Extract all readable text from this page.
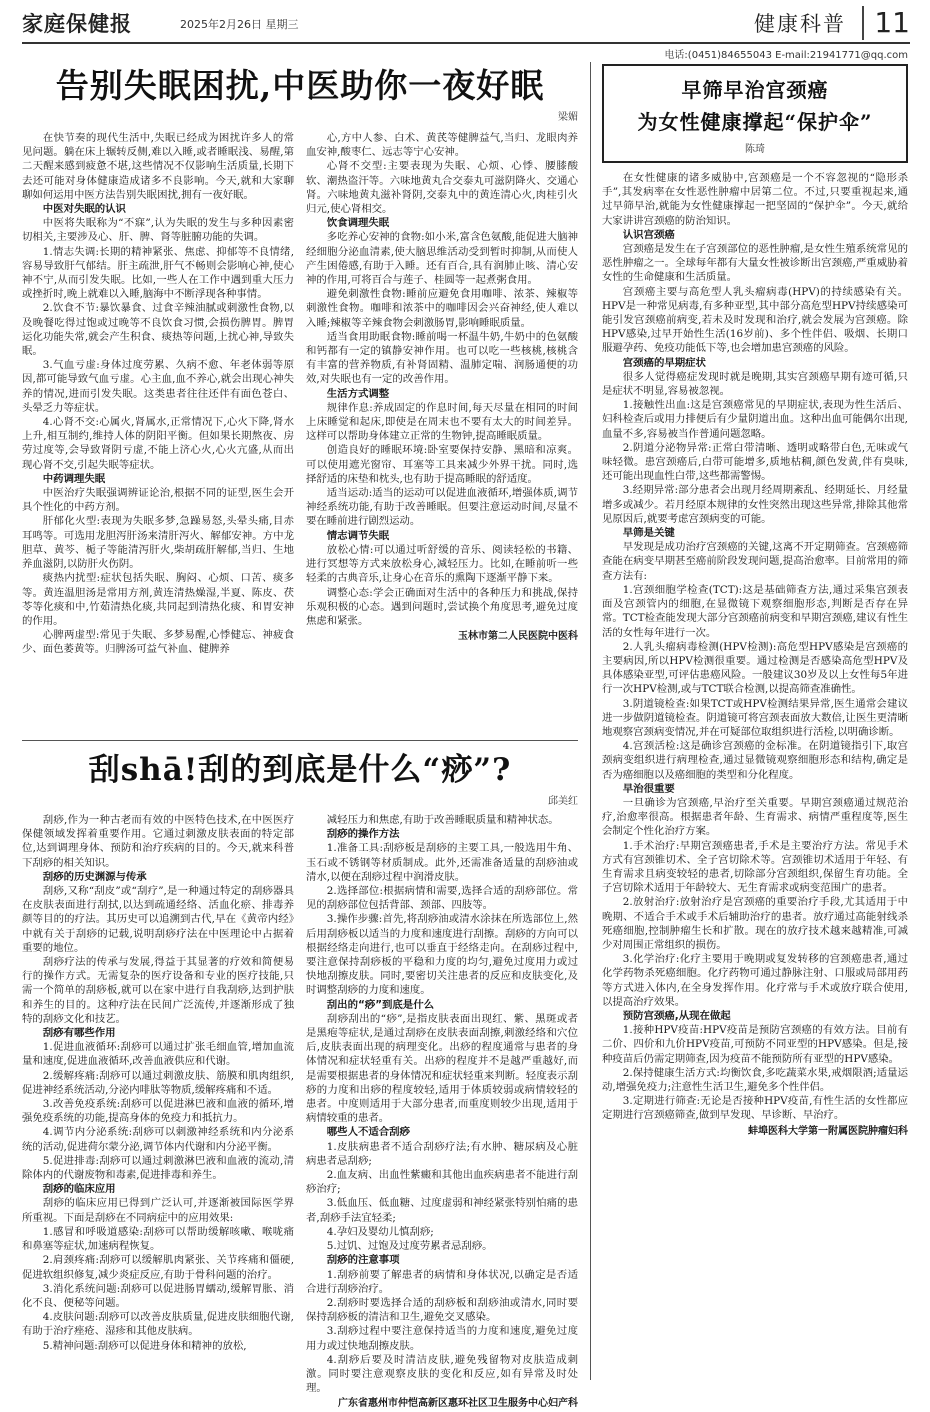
家庭保健报	2025年2月26日 星期三	健康科普	11
电话:(0451)84655043 E-mail:21941771@qq.com
告别失眠困扰,中医助你一夜好眠
梁媚

在快节奏的现代生活中,失眠已经成为困扰许多人的常见问题。躺在床上辗转反侧,难以入睡,或者睡眠浅、易醒,第二天醒来感到疲惫不堪,这些情况不仅影响生活质量,长期下去还可能对身体健康造成诸多不良影响。今天,就和大家聊聊如何运用中医方法告别失眠困扰,拥有一夜好眠。

中医对失眠的认识

中医将失眠称为“不寐”,认为失眠的发生与多种因素密切相关,主要涉及心、肝、脾、肾等脏腑功能的失调。

1.情志失调:长期的精神紧张、焦虑、抑郁等不良情绪,容易导致肝气郁结。肝主疏泄,肝气不畅则会影响心神,使心神不宁,从而引发失眠。比如,一些人在工作中遇到重大压力或挫折时,晚上就难以入睡,脑海中不断浮现各种事情。

2.饮食不节:暴饮暴食、过食辛辣油腻或刺激性食物,以及晚餐吃得过饱或过晚等不良饮食习惯,会损伤脾胃。脾胃运化功能失常,就会产生积食、痰热等问题,上扰心神,导致失眠。

3.气血亏虚:身体过度劳累、久病不愈、年老体弱等原因,都可能导致气血亏虚。心主血,血不养心,就会出现心神失养的情况,进而引发失眠。这类患者往往还伴有面色苍白、头晕乏力等症状。

4.心肾不交:心属火,肾属水,正常情况下,心火下降,肾水上升,相互制约,维持人体的阴阳平衡。但如果长期熬夜、房劳过度等,会导致肾阴亏虚,不能上济心火,心火亢盛,从而出现心肾不交,引起失眠等症状。

中药调理失眠

中医治疗失眠强调辨证论治,根据不同的证型,医生会开具个性化的中药方剂。

肝郁化火型:表现为失眠多梦,急躁易怒,头晕头痛,目赤耳鸣等。可选用龙胆泻肝汤来清肝泻火、解郁安神。方中龙胆草、黄芩、栀子等能清泻肝火,柴胡疏肝解郁,当归、生地养血滋阴,以防肝火伤阴。

痰热内扰型:症状包括失眠、胸闷、心烦、口苦、痰多等。黄连温胆汤是常用方剂,黄连清热燥湿,半夏、陈皮、茯苓等化痰和中,竹茹清热化痰,共同起到清热化痰、和胃安神的作用。

心脾两虚型:常见于失眠、多梦易醒,心悸健忘、神疲食少、面色萎黄等。归脾汤可益气补血、健脾养

心,方中人参、白术、黄芪等健脾益气,当归、龙眼肉养血安神,酸枣仁、远志等宁心安神。

心肾不交型:主要表现为失眠、心烦、心悸、腰膝酸软、潮热盗汗等。六味地黄丸合交泰丸可滋阴降火、交通心肾。六味地黄丸滋补肾阴,交泰丸中的黄连清心火,肉桂引火归元,使心肾相交。

饮食调理失眠

多吃养心安神的食物:如小米,富含色氨酸,能促进大脑神经细胞分泌血清素,使大脑思维活动受到暂时抑制,从而使人产生困倦感,有助于入睡。还有百合,具有润肺止咳、清心安神的作用,可将百合与莲子、桂圆等一起煮粥食用。

避免刺激性食物:睡前应避免食用咖啡、浓茶、辣椒等刺激性食物。咖啡和浓茶中的咖啡因会兴奋神经,使人难以入睡;辣椒等辛辣食物会刺激肠胃,影响睡眠质量。

适当食用助眠食物:睡前喝一杯温牛奶,牛奶中的色氨酸和钙都有一定的镇静安神作用。也可以吃一些核桃,核桃含有丰富的营养物质,有补肾固精、温肺定喘、润肠通便的功效,对失眠也有一定的改善作用。

生活方式调整

规律作息:养成固定的作息时间,每天尽量在相同的时间上床睡觉和起床,即使是在周末也不要有太大的时间差异。这样可以帮助身体建立正常的生物钟,提高睡眠质量。

创造良好的睡眠环境:卧室要保持安静、黑暗和凉爽。可以使用遮光窗帘、耳塞等工具来减少外界干扰。同时,选择舒适的床垫和枕头,也有助于提高睡眠的舒适度。

适当运动:适当的运动可以促进血液循环,增强体质,调节神经系统功能,有助于改善睡眠。但要注意运动时间,尽量不要在睡前进行剧烈运动。

情志调节失眠

放松心情:可以通过听舒缓的音乐、阅读轻松的书籍、进行冥想等方式来放松身心,减轻压力。比如,在睡前听一些轻柔的古典音乐,让身心在音乐的熏陶下逐渐平静下来。

调整心态:学会正确面对生活中的各种压力和挑战,保持乐观积极的心态。遇到问题时,尝试换个角度思考,避免过度焦虑和紧张。

玉林市第二人民医院中医科
刮shā!刮的到底是什么“痧”?
邱美红

刮痧,作为一种古老而有效的中医特色技术,在中医医疗保健领域发挥着重要作用。它通过刺激皮肤表面的特定部位,达到调理身体、预防和治疗疾病的目的。今天,就来科普下刮痧的相关知识。

刮痧的历史渊源与传承

刮痧,又称“刮皮”或“刮疗”,是一种通过特定的刮痧器具在皮肤表面进行刮拭,以达到疏通经络、活血化瘀、排毒养颜等目的的疗法。其历史可以追溯到古代,早在《黄帝内经》中就有关于刮痧的记载,说明刮痧疗法在中医理论中占据着重要的地位。

刮痧疗法的传承与发展,得益于其显著的疗效和简便易行的操作方式。无需复杂的医疗设备和专业的医疗技能,只需一个简单的刮痧板,就可以在家中进行自我刮痧,达到护肤和养生的目的。这种疗法在民间广泛流传,并逐渐形成了独特的刮痧文化和技艺。

刮痧有哪些作用

1.促进血液循环:刮痧可以通过扩张毛细血管,增加血流量和速度,促进血液循环,改善血液供应和代谢。

2.缓解疼痛:刮痧可以通过刺激皮肤、筋膜和肌肉组织,促进神经系统活动,分泌内啡肽等物质,缓解疼痛和不适。

3.改善免疫系统:刮痧可以促进淋巴液和血液的循环,增强免疫系统的功能,提高身体的免疫力和抵抗力。

4.调节内分泌系统:刮痧可以刺激神经系统和内分泌系统的活动,促进荷尔蒙分泌,调节体内代谢和内分泌平衡。

5.促进排毒:刮痧可以通过刺激淋巴液和血液的流动,清除体内的代谢废物和毒素,促进排毒和养生。

刮痧的临床应用

刮痧的临床应用已得到广泛认可,并逐渐被国际医学界所重视。下面是刮痧在不同病症中的应用效果:

1.感冒和呼吸道感染:刮痧可以帮助缓解咳嗽、喉咙痛和鼻塞等症状,加速病程恢复。

2.肩颈疼痛:刮痧可以缓解肌肉紧张、关节疼痛和僵硬,促进软组织修复,减少炎症反应,有助于骨科问题的治疗。

3.消化系统问题:刮痧可以促进肠胃蠕动,缓解胃胀、消化不良、便秘等问题。

4.皮肤问题:刮痧可以改善皮肤质量,促进皮肤细胞代谢,有助于治疗痤疮、湿疹和其他皮肤病。

5.精神问题:刮痧可以促进身体和精神的放松,

减轻压力和焦虑,有助于改善睡眠质量和精神状态。

刮痧的操作方法

1.准备工具:刮痧板是刮痧的主要工具,一般选用牛角、玉石或不锈钢等材质制成。此外,还需准备适量的刮痧油或清水,以便在刮痧过程中润滑皮肤。

2.选择部位:根据病情和需要,选择合适的刮痧部位。常见的刮痧部位包括背部、颈部、四肢等。

3.操作步骤:首先,将刮痧油或清水涂抹在所选部位上,然后用刮痧板以适当的力度和速度进行刮擦。刮痧的方向可以根据经络走向进行,也可以垂直于经络走向。在刮痧过程中,要注意保持刮痧板的平稳和力度的均匀,避免过度用力或过快地刮擦皮肤。同时,要密切关注患者的反应和皮肤变化,及时调整刮痧的力度和速度。

刮出的“痧”到底是什么

刮痧刮出的“痧”,是指皮肤表面出现红、紫、黑斑或者是黑疱等症状,是通过刮痧在皮肤表面刮擦,刺激经络和穴位后,皮肤表面出现的病理变化。出痧的程度通常与患者的身体情况和症状轻重有关。出痧的程度并不是越严重越好,而是需要根据患者的身体情况和症状轻重来判断。轻度表示刮痧的力度和出痧的程度较轻,适用于体质较弱或病情较轻的患者。中度则适用于大部分患者,而重度则较少出现,适用于病情较重的患者。

哪些人不适合刮痧

1.皮肤病患者不适合刮痧疗法;有水肿、糖尿病及心脏病患者忌刮痧;

2.血友病、出血性紫癜和其他出血疾病患者不能进行刮痧治疗;

3.低血压、低血糖、过度虚弱和神经紧张特别怕痛的患者,刮痧手法宜轻柔;

4.孕妇及婴幼儿慎刮痧;

5.过饥、过饱及过度劳累者忌刮痧。

刮痧的注意事项

1.刮痧前要了解患者的病情和身体状况,以确定是否适合进行刮痧治疗。

2.刮痧时要选择合适的刮痧板和刮痧油或清水,同时要保持刮痧板的清洁和卫生,避免交叉感染。

3.刮痧过程中要注意保持适当的力度和速度,避免过度用力或过快地刮擦皮肤。

4.刮痧后要及时清洁皮肤,避免残留物对皮肤造成刺激。同时要注意观察皮肤的变化和反应,如有异常及时处理。

广东省惠州市仲恺高新区惠环社区卫生服务中心妇产科
早筛早治宫颈癌
为女性健康撑起“保护伞”
陈琦

在女性健康的诸多威胁中,宫颈癌是一个不容忽视的“隐形杀手”,其发病率在女性恶性肿瘤中居第二位。不过,只要重视起来,通过早筛早治,就能为女性健康撑起一把坚固的“保护伞”。今天,就给大家讲讲宫颈癌的防治知识。

认识宫颈癌

宫颈癌是发生在子宫颈部位的恶性肿瘤,是女性生殖系统常见的恶性肿瘤之一。全球每年都有大量女性被诊断出宫颈癌,严重威胁着女性的生命健康和生活质量。

宫颈癌主要与高危型人乳头瘤病毒(HPV)的持续感染有关。HPV是一种常见病毒,有多种亚型,其中部分高危型HPV持续感染可能引发宫颈癌前病变,若未及时发现和治疗,就会发展为宫颈癌。除HPV感染,过早开始性生活(16岁前)、多个性伴侣、吸烟、长期口服避孕药、免疫功能低下等,也会增加患宫颈癌的风险。

宫颈癌的早期症状

很多人觉得癌症发现时就是晚期,其实宫颈癌早期有迹可循,只是症状不明显,容易被忽视。

1.接触性出血:这是宫颈癌常见的早期症状,表现为性生活后、妇科检查后或用力排便后有少量阴道出血。这种出血可能偶尔出现,血量不多,容易被当作普通问题忽略。

2.阴道分泌物异常:正常白带清晰、透明或略带白色,无味或气味轻微。患宫颈癌后,白带可能增多,质地枯稠,颜色发黄,伴有臭味,还可能出现血性白带,这些都需警惕。

3.经期异常:部分患者会出现月经周期紊乱、经期延长、月经量增多或减少。若月经原本规律的女性突然出现这些异常,排除其他常见原因后,就要考虑宫颈病变的可能。

早筛是关键

早发现是成功治疗宫颈癌的关键,这离不开定期筛查。宫颈癌筛查能在病变早期甚至癌前阶段发现问题,提高治愈率。目前常用的筛查方法有:

1.宫颈细胞学检查(TCT):这是基础筛查方法,通过采集宫颈表面及宫颈管内的细胞,在显微镜下观察细胞形态,判断是否存在异常。TCT检查能发现大部分宫颈癌前病变和早期宫颈癌,建议有性生活的女性每年进行一次。

2.人乳头瘤病毒检测(HPV检测):高危型HPV感染是宫颈癌的主要病因,所以HPV检测很重要。通过检测是否感染高危型HPV及具体感染亚型,可评估患癌风险。一般建议30岁及以上女性每5年进行一次HPV检测,或与TCT联合检测,以提高筛查准确性。

3.阴道镜检查:如果TCT或HPV检测结果异常,医生通常会建议进一步做阴道镜检查。阴道镜可将宫颈表面放大数倍,让医生更清晰地观察宫颈病变情况,并在可疑部位取组织进行活检,以明确诊断。

4.宫颈活检:这是确诊宫颈癌的金标准。在阴道镜指引下,取宫颈病变组织进行病理检查,通过显微镜观察细胞形态和结构,确定是否为癌细胞以及癌细胞的类型和分化程度。

早治很重要

一旦确诊为宫颈癌,早治疗至关重要。早期宫颈癌通过规范治疗,治愈率很高。根据患者年龄、生育需求、病情严重程度等,医生会制定个性化治疗方案。

1.手术治疗:早期宫颈癌患者,手术是主要治疗方法。常见手术方式有宫颈锥切术、全子宫切除术等。宫颈锥切术适用于年轻、有生育需求且病变较轻的患者,切除部分宫颈组织,保留生育功能。全子宫切除术适用于年龄较大、无生育需求或病变范围广的患者。

2.放射治疗:放射治疗是宫颈癌的重要治疗手段,尤其适用于中晚期、不适合手术或手术后辅助治疗的患者。放疗通过高能射线杀死癌细胞,控制肿瘤生长和扩散。现在的放疗技术越来越精准,可减少对周围正常组织的损伤。

3.化学治疗:化疗主要用于晚期或复发转移的宫颈癌患者,通过化学药物杀死癌细胞。化疗药物可通过静脉注射、口服或局部用药等方式进入体内,在全身发挥作用。化疗常与手术或放疗联合使用,以提高治疗效果。

预防宫颈癌,从现在做起

1.接种HPV疫苗:HPV疫苗是预防宫颈癌的有效方法。目前有二价、四价和九价HPV疫苗,可预防不同亚型的HPV感染。但是,接种疫苗后仍需定期筛查,因为疫苗不能预防所有亚型的HPV感染。

2.保持健康生活方式:均衡饮食,多吃蔬菜水果,戒烟限酒;适量运动,增强免疫力;注意性生活卫生,避免多个性伴侣。

3.定期进行筛查:无论是否接种HPV疫苗,有性生活的女性都应定期进行宫颈癌筛查,做到早发现、早诊断、早治疗。

蚌埠医科大学第一附属医院肿瘤妇科
